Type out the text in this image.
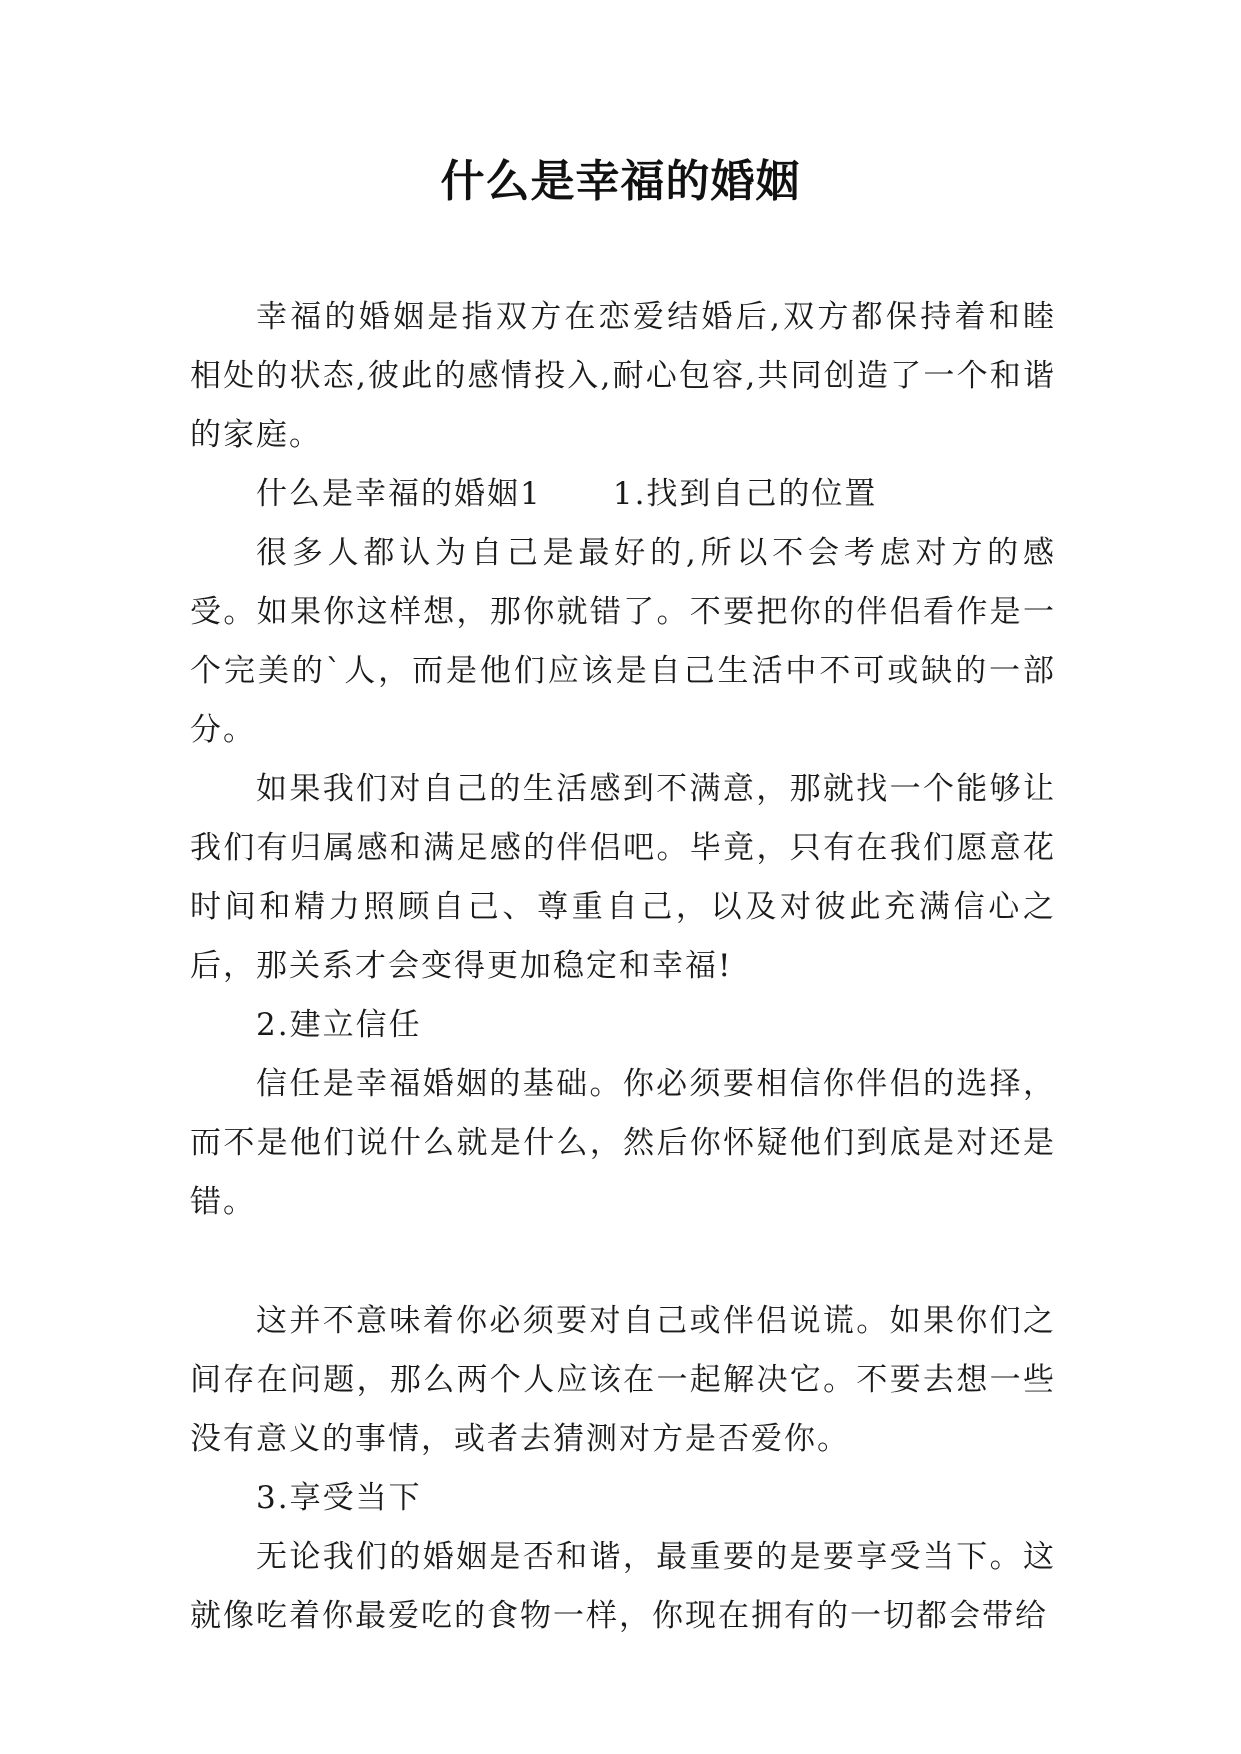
什么是幸福的婚姻

幸福的婚姻是指双方在恋爱结婚后,双方都保持着和睦相处的状态,彼此的感情投入,耐心包容,共同创造了一个和谐的家庭。

什么是幸福的婚姻1      1.找到自己的位置

很多人都认为自己是最好的,所以不会考虑对方的感受。如果你这样想，那你就错了。不要把你的伴侣看作是一个完美的`人，而是他们应该是自己生活中不可或缺的一部分。

如果我们对自己的生活感到不满意，那就找一个能够让我们有归属感和满足感的伴侣吧。毕竟，只有在我们愿意花时间和精力照顾自己、尊重自己，以及对彼此充满信心之后，那关系才会变得更加稳定和幸福!

2.建立信任

信任是幸福婚姻的基础。你必须要相信你伴侣的选择，而不是他们说什么就是什么，然后你怀疑他们到底是对还是错。

这并不意味着你必须要对自己或伴侣说谎。如果你们之间存在问题，那么两个人应该在一起解决它。不要去想一些没有意义的事情，或者去猜测对方是否爱你。

3.享受当下

无论我们的婚姻是否和谐，最重要的是要享受当下。这就像吃着你最爱吃的食物一样，你现在拥有的一切都会带给
